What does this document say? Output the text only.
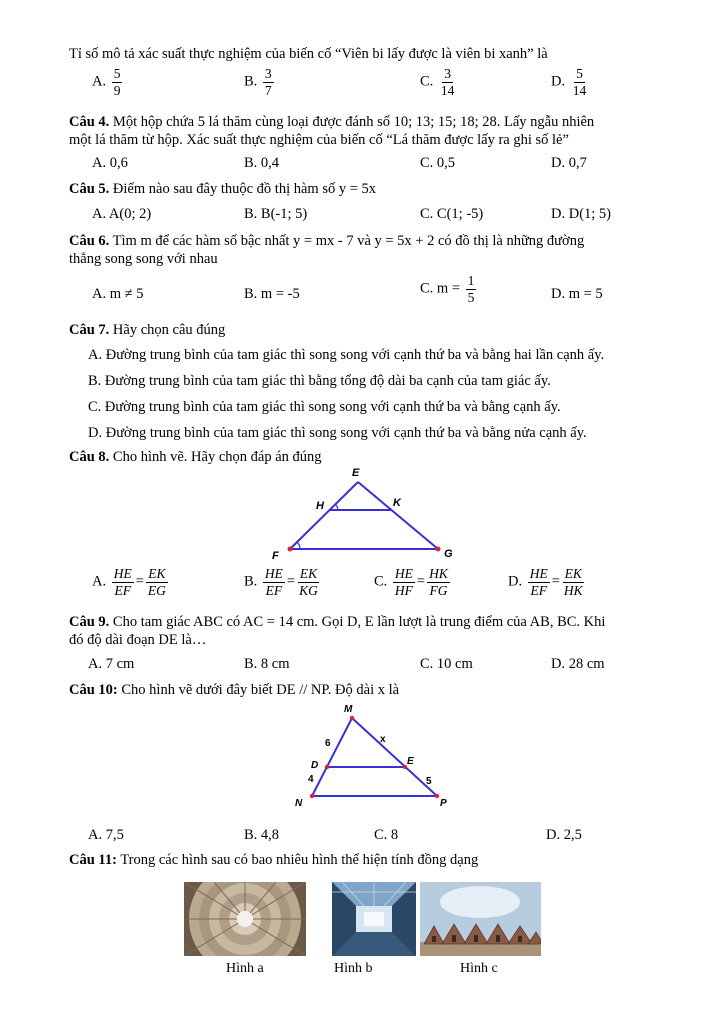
Tỉ số mô tả xác suất thực nghiệm của biến cố “Viên bi lấy được là viên bi xanh” là
A. $\frac{5}{9}$	B. $\frac{3}{7}$	C. $\frac{3}{14}$	D. $\frac{5}{14}$
Câu 4. Một hộp chứa 5 lá thăm cùng loại được đánh số 10; 13; 15; 18; 28. Lấy ngẫu nhiên
một lá thăm từ hộp. Xác suất thực nghiệm của biến cố “Lá thăm được lấy ra ghi số lẻ”
A. 0,6	B. 0,4	C. 0,5	D. 0,7
Câu 5. Điểm nào sau đây thuộc đồ thị hàm số y = 5x
A. A(0; 2)	B. B(-1; 5)	C. C(1; -5)	D. D(1; 5)
Câu 6. Tìm m để các hàm số bậc nhất y = mx - 7 và y = 5x + 2 có đồ thị là những đường
thẳng song song với nhau
A. m ≠ 5	B. m = -5	C. $m = \frac{1}{5}$	D. m = 5
Câu 7. Hãy chọn câu đúng
A. Đường trung bình của tam giác thì song song với cạnh thứ ba và bằng hai lần cạnh ấy.
B. Đường trung bình của tam giác thì bằng tổng độ dài ba cạnh của tam giác ấy.
C. Đường trung bình của tam giác thì song song với cạnh thứ ba và bằng cạnh ấy.
D. Đường trung bình của tam giác thì song song với cạnh thứ ba và bằng nửa cạnh ấy.
Câu 8. Cho hình vẽ. Hãy chọn đáp án đúng
E
H	K
F	G
A. $\frac{HE}{EF} = \frac{EK}{EG}$	B. $\frac{HE}{EF} = \frac{EK}{KG}$	C. $\frac{HE}{HF} = \frac{HK}{FG}$	D. $\frac{HE}{EF} = \frac{EK}{HK}$
Câu 9. Cho tam giác ABC có AC = 14 cm. Gọi D, E lần lượt là trung điểm của AB, BC. Khi
đó độ dài đoạn DE là…
A. 7 cm	B. 8 cm	C. 10 cm	D. 28 cm
Câu 10: Cho hình vẽ dưới đây biết DE // NP. Độ dài x là
M
D	E
N	P
6
4
x
5
A. 7,5	B. 4,8	C. 8	D. 2,5
Câu 11: Trong các hình sau có bao nhiêu hình thể hiện tính đồng dạng
Hình a	Hình b	Hình c
